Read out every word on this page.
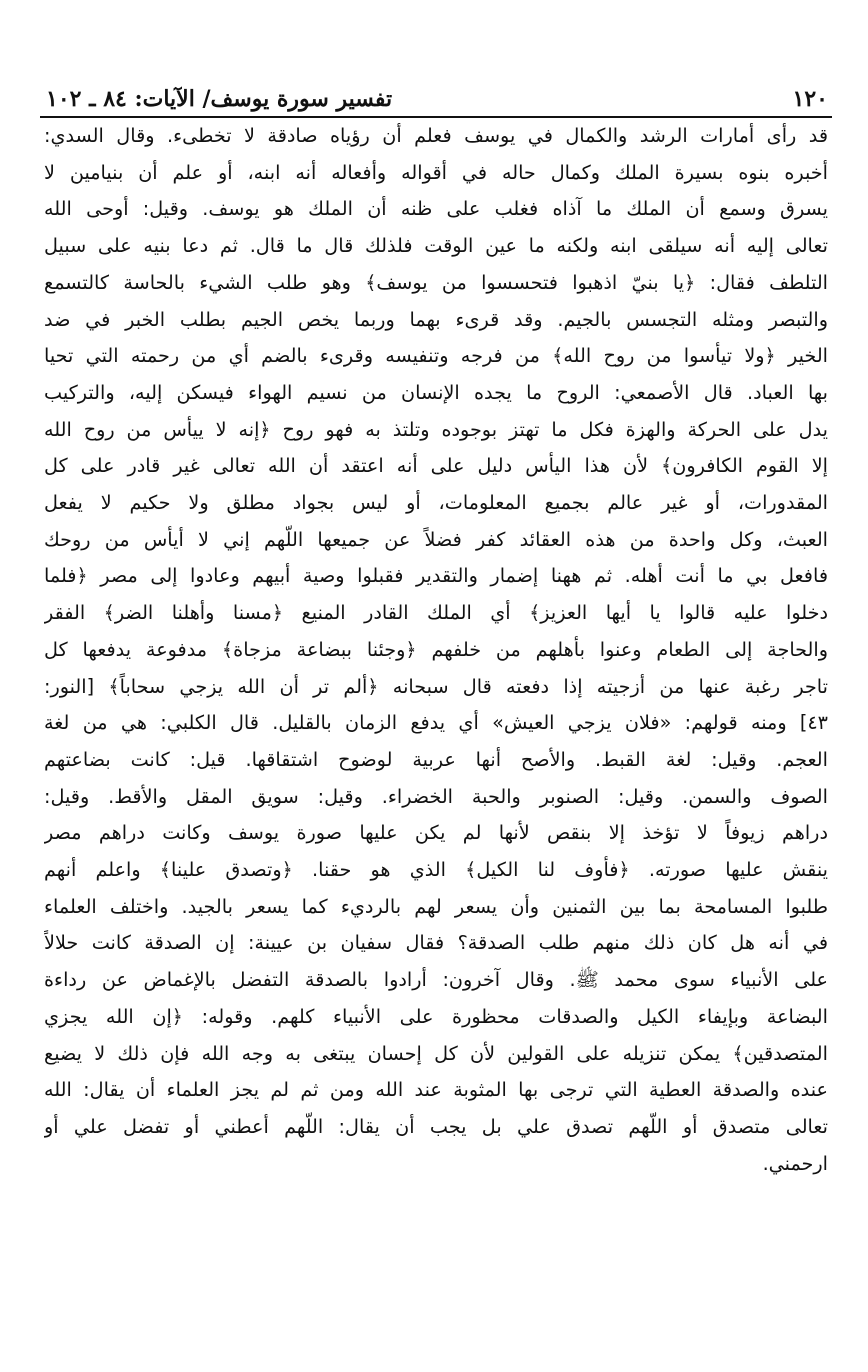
١٢٠
تفسير سورة يوسف/ الآيات: ٨٤ ـ ١٠٢
قد رأى أمارات الرشد والكمال في يوسف فعلم أن رؤياه صادقة لا تخطىء. وقال السدي:
أخبره بنوه بسيرة الملك وكمال حاله في أقواله وأفعاله أنه ابنه، أو علم أن بنيامين لا
يسرق وسمع أن الملك ما آذاه فغلب على ظنه أن الملك هو يوسف. وقيل: أوحى الله
تعالى إليه أنه سيلقى ابنه ولكنه ما عين الوقت فلذلك قال ما قال. ثم دعا بنيه على سبيل
التلطف فقال: ﴿يا بنيّ اذهبوا فتحسسوا من يوسف﴾ وهو طلب الشيء بالحاسة كالتسمع
والتبصر ومثله التجسس بالجيم. وقد قرىء بهما وربما يخص الجيم بطلب الخبر في ضد
الخير ﴿ولا تيأسوا من روح الله﴾ من فرجه وتنفيسه وقرىء بالضم أي من رحمته التي تحيا
بها العباد. قال الأصمعي: الروح ما يجده الإنسان من نسيم الهواء فيسكن إليه، والتركيب
يدل على الحركة والهزة فكل ما تهتز بوجوده وتلتذ به فهو روح ﴿إنه لا ييأس من روح الله
إلا القوم الكافرون﴾ لأن هذا اليأس دليل على أنه اعتقد أن الله تعالى غير قادر على كل
المقدورات، أو غير عالم بجميع المعلومات، أو ليس بجواد مطلق ولا حكيم لا يفعل
العبث، وكل واحدة من هذه العقائد كفر فضلاً عن جميعها اللّهم إني لا أيأس من روحك
فافعل بي ما أنت أهله. ثم ههنا إضمار والتقدير فقبلوا وصية أبيهم وعادوا إلى مصر ﴿فلما
دخلوا عليه قالوا يا أيها العزيز﴾ أي الملك القادر المنيع ﴿مسنا وأهلنا الضر﴾ الفقر
والحاجة إلى الطعام وعنوا بأهلهم من خلفهم ﴿وجئنا ببضاعة مزجاة﴾ مدفوعة يدفعها كل
تاجر رغبة عنها من أزجيته إذا دفعته قال سبحانه ﴿ألم تر أن الله يزجي سحاباً﴾ [النور:
٤٣] ومنه قولهم: «فلان يزجي العيش» أي يدفع الزمان بالقليل. قال الكلبي: هي من لغة
العجم. وقيل: لغة القبط. والأصح أنها عربية لوضوح اشتقاقها. قيل: كانت بضاعتهم
الصوف والسمن. وقيل: الصنوبر والحبة الخضراء. وقيل: سويق المقل والأقط. وقيل:
دراهم زيوفاً لا تؤخذ إلا بنقص لأنها لم يكن عليها صورة يوسف وكانت دراهم مصر
ينقش عليها صورته. ﴿فأوف لنا الكيل﴾ الذي هو حقنا. ﴿وتصدق علينا﴾ واعلم أنهم
طلبوا المسامحة بما بين الثمنين وأن يسعر لهم بالرديء كما يسعر بالجيد. واختلف العلماء
في أنه هل كان ذلك منهم طلب الصدقة؟ فقال سفيان بن عيينة: إن الصدقة كانت حلالاً
على الأنبياء سوى محمد ﷺ. وقال آخرون: أرادوا بالصدقة التفضل بالإغماض عن رداءة
البضاعة وبإيفاء الكيل والصدقات محظورة على الأنبياء كلهم. وقوله: ﴿إن الله يجزي
المتصدقين﴾ يمكن تنزيله على القولين لأن كل إحسان يبتغى به وجه الله فإن ذلك لا يضيع
عنده والصدقة العطية التي ترجى بها المثوبة عند الله ومن ثم لم يجز العلماء أن يقال: الله
تعالى متصدق أو اللّهم تصدق علي بل يجب أن يقال: اللّهم أعطني أو تفضل علي أو
ارحمني.
